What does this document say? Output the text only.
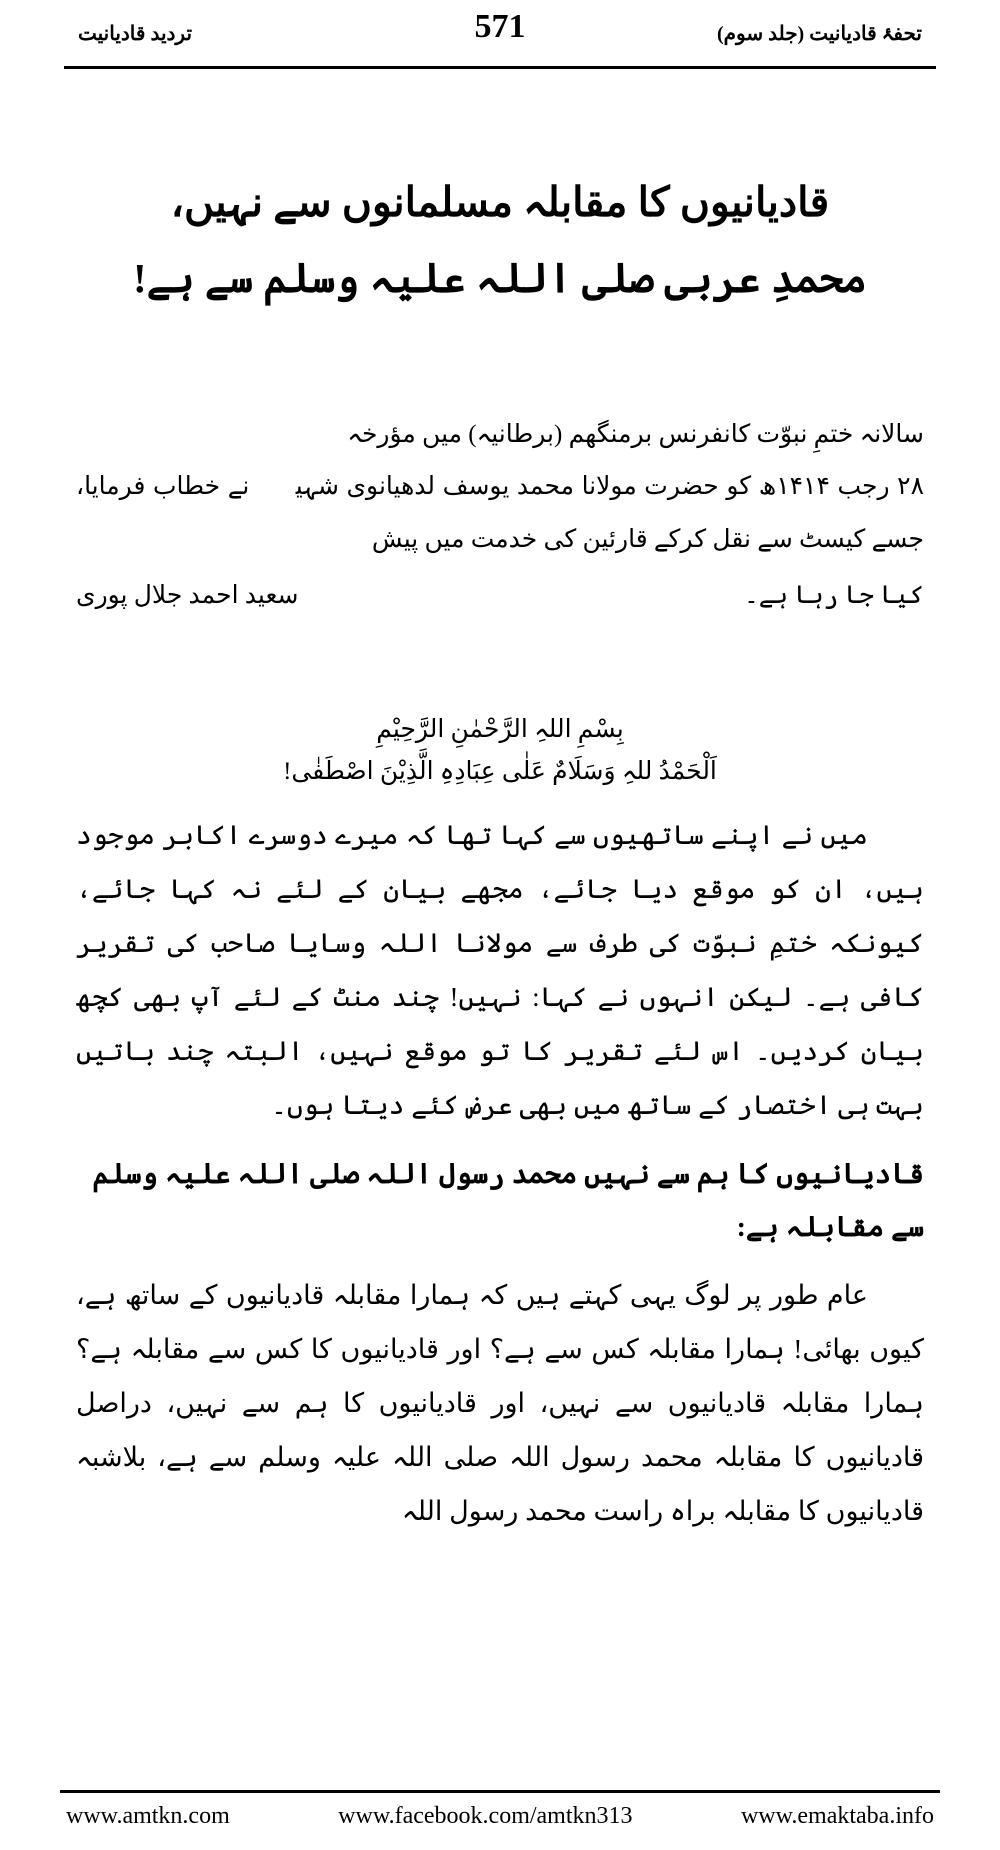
تحفۂ قادیانیت (جلد سوم)
571
تردید قادیانیت
قادیانیوں کا مقابلہ مسلمانوں سے نہیں،
محمدِ عربی صلی اللہ علیہ وسلم سے ہے!
سالانہ ختمِ نبوّت کانفرنس برمنگھم (برطانیہ) میں مؤرخہ
۲۸ رجب ۱۴۱۴ھ کو حضرت مولانا محمد یوسف لدھیانوی شہیدؒ نے خطاب فرمایا، جسے کیسٹ سے نقل کرکے قارئین کی خدمت میں پیش
کیا جا رہا ہے۔
سعید احمد جلال پوری
بِسْمِ اللہِ الرَّحْمٰنِ الرَّحِیْمِ
اَلْحَمْدُ للہِ وَسَلَامٌ عَلٰی عِبَادِہِ الَّذِیْنَ اصْطَفٰی!
میں نے اپنے ساتھیوں سے کہا تھا کہ میرے دوسرے اکابر موجود ہیں، ان کو موقع دیا جائے، مجھے بیان کے لئے نہ کہا جائے، کیونکہ ختمِ نبوّت کی طرف سے مولانا اللہ وسایا صاحب کی تقریر کافی ہے۔ لیکن انہوں نے کہا: نہیں! چند منٹ کے لئے آپ بھی کچھ بیان کردیں۔ اس لئے تقریر کا تو موقع نہیں، البتہ چند باتیں بہت ہی اختصار کے ساتھ میں بھی عرض کئے دیتا ہوں۔
قادیانیوں کا ہم سے نہیں محمد رسول اللہ صلی اللہ علیہ وسلم سے مقابلہ ہے:
عام طور پر لوگ یہی کہتے ہیں کہ ہمارا مقابلہ قادیانیوں کے ساتھ ہے، کیوں بھائی! ہمارا مقابلہ کس سے ہے؟ اور قادیانیوں کا کس سے مقابلہ ہے؟ ہمارا مقابلہ قادیانیوں سے نہیں، اور قادیانیوں کا ہم سے نہیں، دراصل قادیانیوں کا مقابلہ محمد رسول اللہ صلی اللہ علیہ وسلم سے ہے، بلاشبہ قادیانیوں کا مقابلہ براہ راست محمد رسول اللہ
www.amtkn.com	www.facebook.com/amtkn313	www.emaktaba.info
